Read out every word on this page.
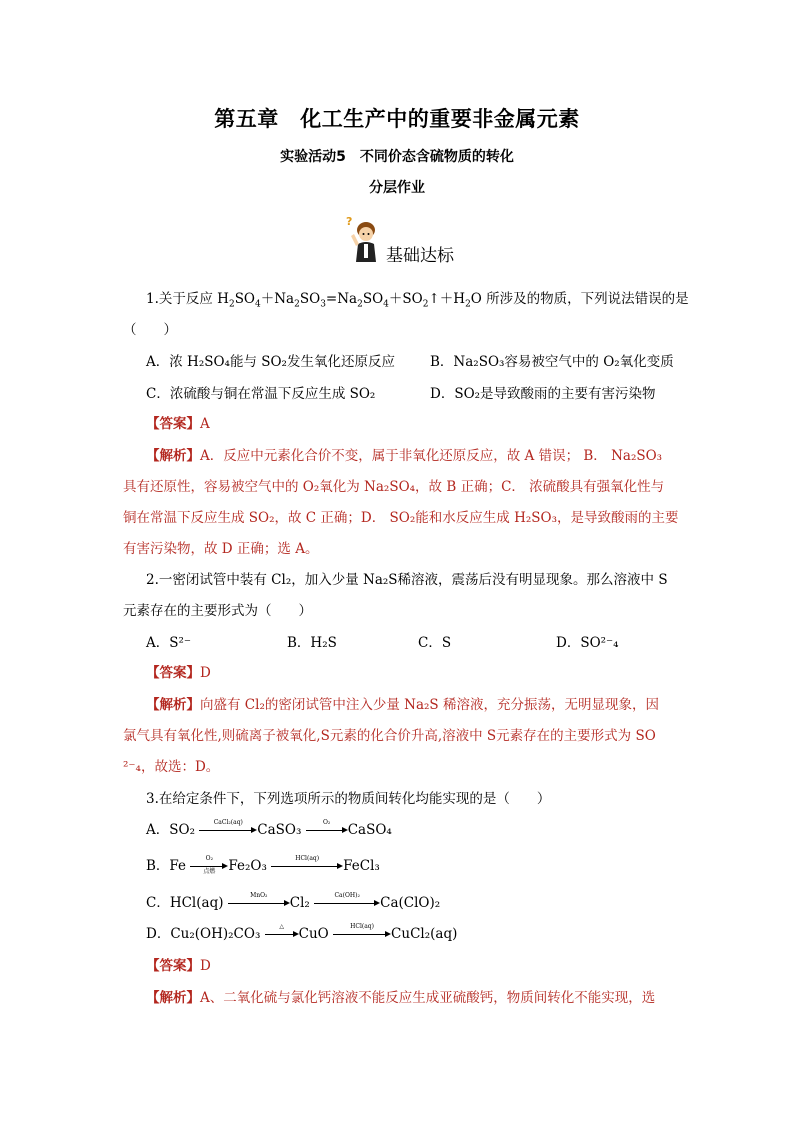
第五章　化工生产中的重要非金属元素
实验活动5　不同价态含硫物质的转化
分层作业
?
基础达标
1.关于反应 $H_2SO_4+Na_2SO_3=Na_2SO_4+SO_2↑+H_2O$ 所涉及的物质，下列说法错误的是
（　　）
A．浓 H₂SO₄能与 SO₂发生氧化还原反应	B．Na₂SO₃容易被空气中的 O₂氧化变质
C．浓硫酸与铜在常温下反应生成 SO₂	D．SO₂是导致酸雨的主要有害污染物
【答案】A
【解析】A．反应中元素化合价不变，属于非氧化还原反应，故 A 错误； B． Na₂SO₃
具有还原性，容易被空气中的 O₂氧化为 Na₂SO₄，故 B 正确；C． 浓硫酸具有强氧化性与
铜在常温下反应生成 SO₂，故 C 正确；D． SO₂能和水反应生成 H₂SO₃，是导致酸雨的主要
有害污染物，故 D 正确；选 A。
2.一密闭试管中装有 Cl₂，加入少量 Na₂S稀溶液，震荡后没有明显现象。那么溶液中 S
元素存在的主要形式为（　　）
A．S²⁻	B．H₂S	C．S	D．SO²⁻₄
【答案】D
【解析】向盛有 Cl₂的密闭试管中注入少量 Na₂S 稀溶液，充分振荡，无明显现象，因
氯气具有氧化性,则硫离子被氧化,S元素的化合价升高,溶液中 S元素存在的主要形式为 SO
²⁻₄，故选：D。
3.在给定条件下，下列选项所示的物质间转化均能实现的是（　　）
A．SO₂	CaCl₂(aq)	CaSO₃	O₂	CaSO₄
B．Fe	O₂
点燃 Fe₂O₃	HCl(aq)	FeCl₃
C．HCl(aq)	MnO₂	Cl₂	Ca(OH)₂	Ca(ClO)₂
D．Cu₂(OH)₂CO₃	△	CuO	HCl(aq)	CuCl₂(aq)
【答案】D
【解析】A、二氧化硫与氯化钙溶液不能反应生成亚硫酸钙，物质间转化不能实现，选
